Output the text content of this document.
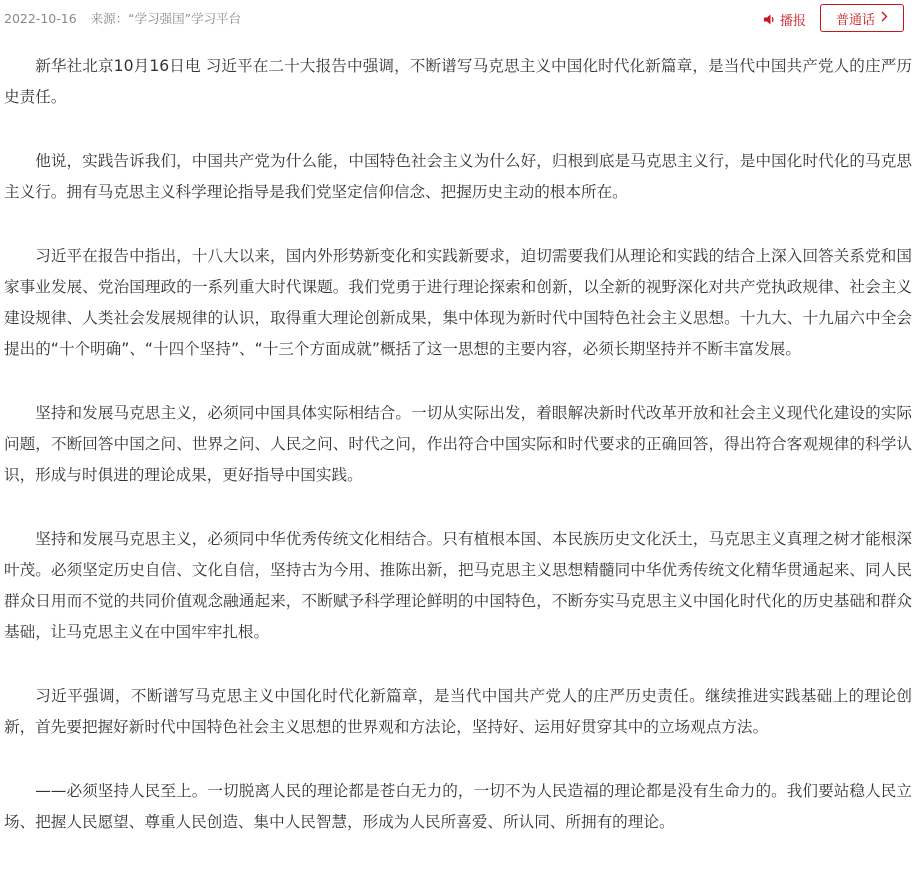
2022-10-16 来源：“学习强国”学习平台	播报 普通话

新华社北京10月16日电 习近平在二十大报告中强调，不断谱写马克思主义中国化时代化新篇章，是当代中国共产党人的庄严历史责任。

他说，实践告诉我们，中国共产党为什么能，中国特色社会主义为什么好，归根到底是马克思主义行，是中国化时代化的马克思主义行。拥有马克思主义科学理论指导是我们党坚定信仰信念、把握历史主动的根本所在。

习近平在报告中指出，十八大以来，国内外形势新变化和实践新要求，迫切需要我们从理论和实践的结合上深入回答关系党和国家事业发展、党治国理政的一系列重大时代课题。我们党勇于进行理论探索和创新，以全新的视野深化对共产党执政规律、社会主义建设规律、人类社会发展规律的认识，取得重大理论创新成果，集中体现为新时代中国特色社会主义思想。十九大、十九届六中全会提出的“十个明确”、“十四个坚持”、“十三个方面成就”概括了这一思想的主要内容，必须长期坚持并不断丰富发展。

坚持和发展马克思主义，必须同中国具体实际相结合。一切从实际出发，着眼解决新时代改革开放和社会主义现代化建设的实际问题，不断回答中国之问、世界之问、人民之问、时代之问，作出符合中国实际和时代要求的正确回答，得出符合客观规律的科学认识，形成与时俱进的理论成果，更好指导中国实践。

坚持和发展马克思主义，必须同中华优秀传统文化相结合。只有植根本国、本民族历史文化沃土，马克思主义真理之树才能根深叶茂。必须坚定历史自信、文化自信，坚持古为今用、推陈出新，把马克思主义思想精髓同中华优秀传统文化精华贯通起来、同人民群众日用而不觉的共同价值观念融通起来，不断赋予科学理论鲜明的中国特色，不断夯实马克思主义中国化时代化的历史基础和群众基础，让马克思主义在中国牢牢扎根。

习近平强调，不断谱写马克思主义中国化时代化新篇章，是当代中国共产党人的庄严历史责任。继续推进实践基础上的理论创新，首先要把握好新时代中国特色社会主义思想的世界观和方法论，坚持好、运用好贯穿其中的立场观点方法。

——必须坚持人民至上。一切脱离人民的理论都是苍白无力的，一切不为人民造福的理论都是没有生命力的。我们要站稳人民立场、把握人民愿望、尊重人民创造、集中人民智慧，形成为人民所喜爱、所认同、所拥有的理论。
